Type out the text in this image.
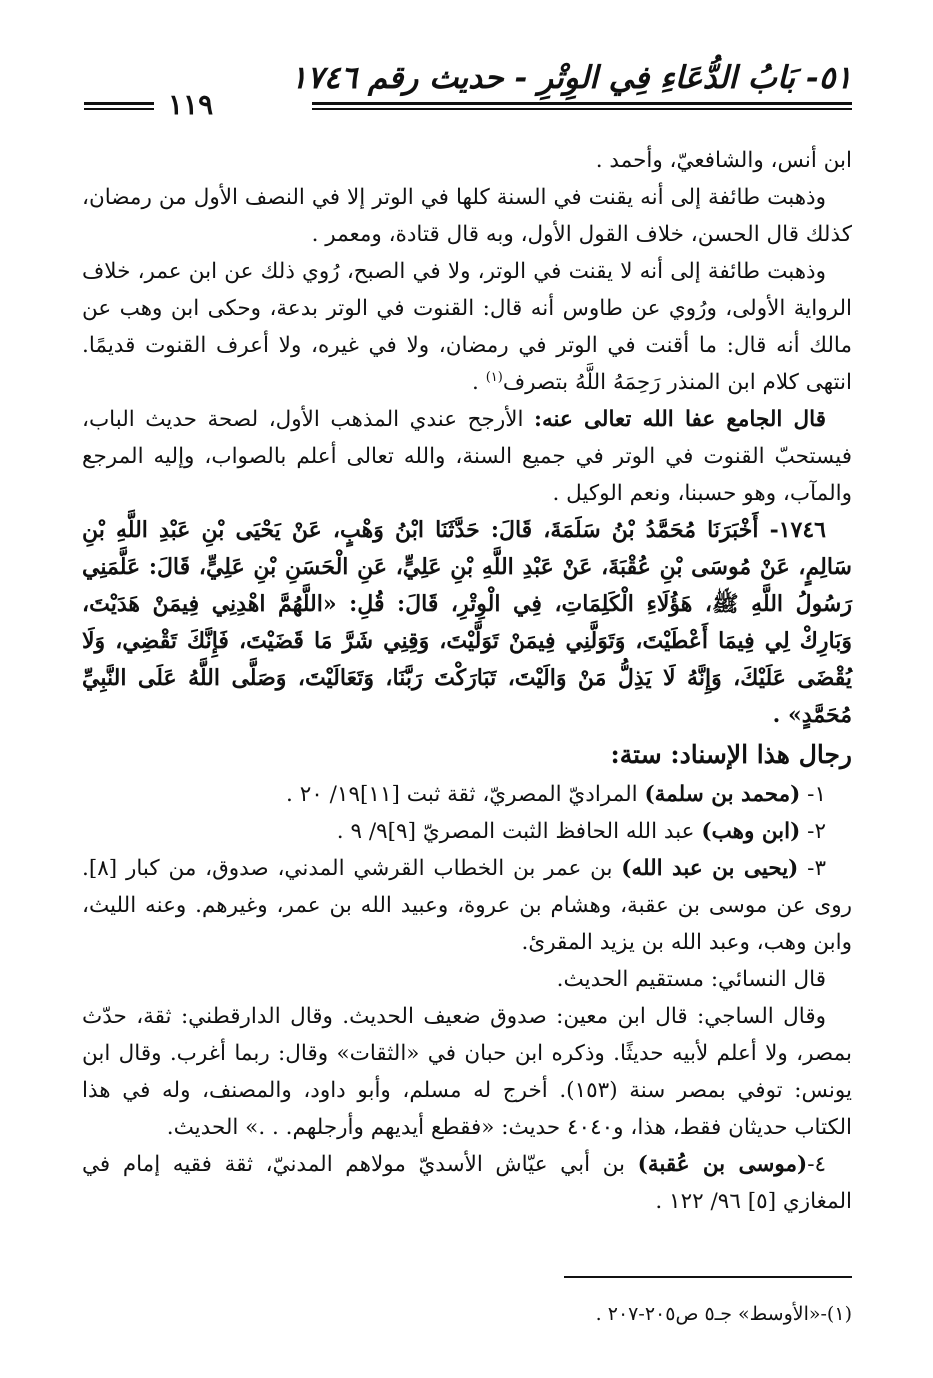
٥١- بَابُ الدُّعَاءِ فِي الوِتْرِ - حديث رقم ١٧٤٦
١١٩

ابن أنس، والشافعيّ، وأحمد .

وذهبت طائفة إلى أنه يقنت في السنة كلها في الوتر إلا في النصف الأول من رمضان، كذلك قال الحسن، خلاف القول الأول، وبه قال قتادة، ومعمر .

وذهبت طائفة إلى أنه لا يقنت في الوتر، ولا في الصبح، رُوي ذلك عن ابن عمر، خلاف الرواية الأولى، ورُوي عن طاوس أنه قال: القنوت في الوتر بدعة، وحكى ابن وهب عن مالك أنه قال: ما أقنت في الوتر في رمضان، ولا في غيره، ولا أعرف القنوت قديمًا. انتهى كلام ابن المنذر رَحِمَهُ اللَّهُ بتصرف$^{(١)}$ .

قال الجامع عفا الله تعالى عنه: الأرجح عندي المذهب الأول، لصحة حديث الباب، فيستحبّ القنوت في الوتر في جميع السنة، والله تعالى أعلم بالصواب، وإليه المرجع والمآب، وهو حسبنا، ونعم الوكيل .

١٧٤٦- أَخْبَرَنَا مُحَمَّدُ بْنُ سَلَمَةَ، قَالَ: حَدَّثَنَا ابْنُ وَهْبٍ، عَنْ يَحْيَى بْنِ عَبْدِ اللَّهِ بْنِ سَالِمٍ، عَنْ مُوسَى بْنِ عُقْبَةَ، عَنْ عَبْدِ اللَّهِ بْنِ عَلِيٍّ، عَنِ الْحَسَنِ بْنِ عَلِيٍّ، قَالَ: عَلَّمَنِي رَسُولُ اللَّهِ ﷺ، هَؤُلَاءِ الْكَلِمَاتِ، فِي الْوِتْرِ، قَالَ: قُلِ: «اللَّهُمَّ اهْدِنِي فِيمَنْ هَدَيْتَ، وَبَارِكْ لِي فِيمَا أَعْطَيْتَ، وَتَوَلَّنِي فِيمَنْ تَوَلَّيْتَ، وَقِنِي شَرَّ مَا قَضَيْتَ، فَإِنَّكَ تَقْضِي، وَلَا يُقْضَى عَلَيْكَ، وَإِنَّهُ لَا يَذِلُّ مَنْ وَالَيْتَ، تَبَارَكْتَ رَبَّنَا، وَتَعَالَيْتَ، وَصَلَّى اللَّهُ عَلَى النَّبِيِّ مُحَمَّدٍ» .

رجال هذا الإسناد: ستة:

١- (محمد بن سلمة) المراديّ المصريّ، ثقة ثبت [١١]١٩/ ٢٠ .

٢- (ابن وهب) عبد الله الحافظ الثبت المصريّ [٩]٩/ ٩ .

٣- (يحيى بن عبد الله) بن عمر بن الخطاب القرشي المدني، صدوق، من كبار [٨]. روى عن موسى بن عقبة، وهشام بن عروة، وعبيد الله بن عمر، وغيرهم. وعنه الليث، وابن وهب، وعبد الله بن يزيد المقرئ.

قال النسائي: مستقيم الحديث.

وقال الساجي: قال ابن معين: صدوق ضعيف الحديث. وقال الدارقطني: ثقة، حدّث بمصر، ولا أعلم لأبيه حديثًا. وذكره ابن حبان في «الثقات» وقال: ربما أغرب. وقال ابن يونس: توفي بمصر سنة (١٥٣). أخرج له مسلم، وأبو داود، والمصنف، وله في هذا الكتاب حديثان فقط، هذا، و٤٠٤٠ حديث: «فقطع أيديهم وأرجلهم. . .» الحديث.

٤-(موسى بن عُقبة) بن أبي عيّاش الأسديّ مولاهم المدنيّ، ثقة فقيه إمام في المغازي [٥] ٩٦/ ١٢٢ .

(١)-«الأوسط» جـ٥ ص٢٠٥-٢٠٧ .
